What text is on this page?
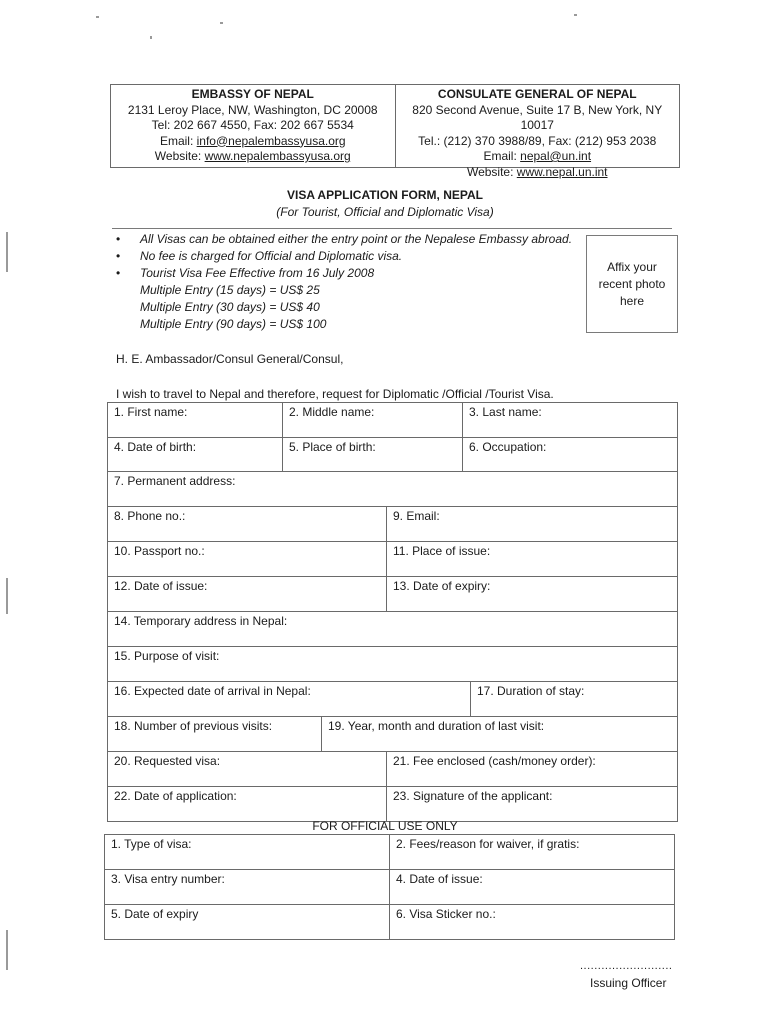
EMBASSY OF NEPAL
2131 Leroy Place, NW, Washington, DC 20008
Tel: 202 667 4550, Fax: 202 667 5534
Email: info@nepalembassyusa.org
Website: www.nepalembassyusa.org
CONSULATE GENERAL OF NEPAL
820 Second Avenue, Suite 17 B, New York, NY 10017
Tel.: (212) 370 3988/89, Fax: (212) 953 2038
Email: nepal@un.int
Website: www.nepal.un.int
VISA APPLICATION FORM, NEPAL
(For Tourist, Official and Diplomatic Visa)
•	All Visas can be obtained either the entry point or the Nepalese Embassy abroad.
•	No fee is charged for Official and Diplomatic visa.
•	Tourist Visa Fee Effective from 16 July 2008
Multiple Entry (15 days) = US$ 25
Multiple Entry (30 days) = US$ 40
Multiple Entry (90 days) = US$ 100
Affix your
recent photo
here
H. E. Ambassador/Consul General/Consul,
I wish to travel to Nepal and therefore, request for Diplomatic /Official /Tourist Visa.
1. First name:	2. Middle name:	3. Last name:
4. Date of birth:	5. Place of birth:	6. Occupation:
7. Permanent address:
8. Phone no.:	9. Email:
10. Passport no.:	11. Place of issue:
12. Date of issue:	13. Date of expiry:
14. Temporary address in Nepal:
15. Purpose of visit:
16. Expected date of arrival in Nepal:	17. Duration of stay:
18. Number of previous visits:	19. Year, month and duration of last visit:
20. Requested visa:	21. Fee enclosed (cash/money order):
22. Date of application:	23. Signature of the applicant:
FOR OFFICIAL USE ONLY
1. Type of visa:	2. Fees/reason for waiver, if gratis:
3. Visa entry number:	4. Date of issue:
5. Date of expiry	6. Visa Sticker no.:
..........................
Issuing Officer
